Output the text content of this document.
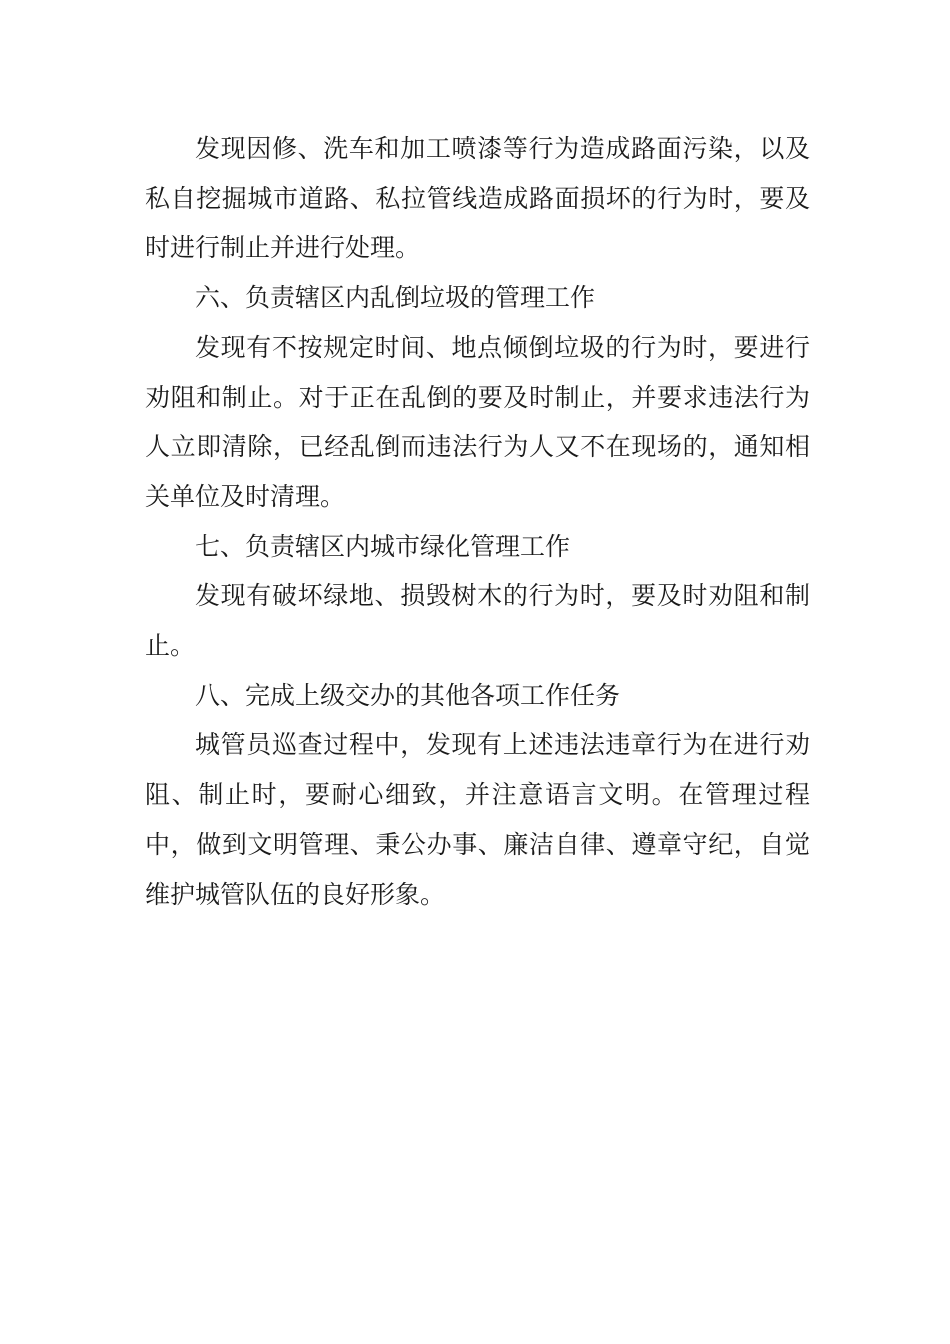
发现因修、洗车和加工喷漆等行为造成路面污染，以及私自挖掘城市道路、私拉管线造成路面损坏的行为时，要及时进行制止并进行处理。

六、负责辖区内乱倒垃圾的管理工作

发现有不按规定时间、地点倾倒垃圾的行为时，要进行劝阻和制止。对于正在乱倒的要及时制止，并要求违法行为人立即清除，已经乱倒而违法行为人又不在现场的，通知相关单位及时清理。

七、负责辖区内城市绿化管理工作

发现有破坏绿地、损毁树木的行为时，要及时劝阻和制止。

八、完成上级交办的其他各项工作任务

城管员巡查过程中，发现有上述违法违章行为在进行劝阻、制止时，要耐心细致，并注意语言文明。在管理过程中，做到文明管理、秉公办事、廉洁自律、遵章守纪，自觉维护城管队伍的良好形象。
